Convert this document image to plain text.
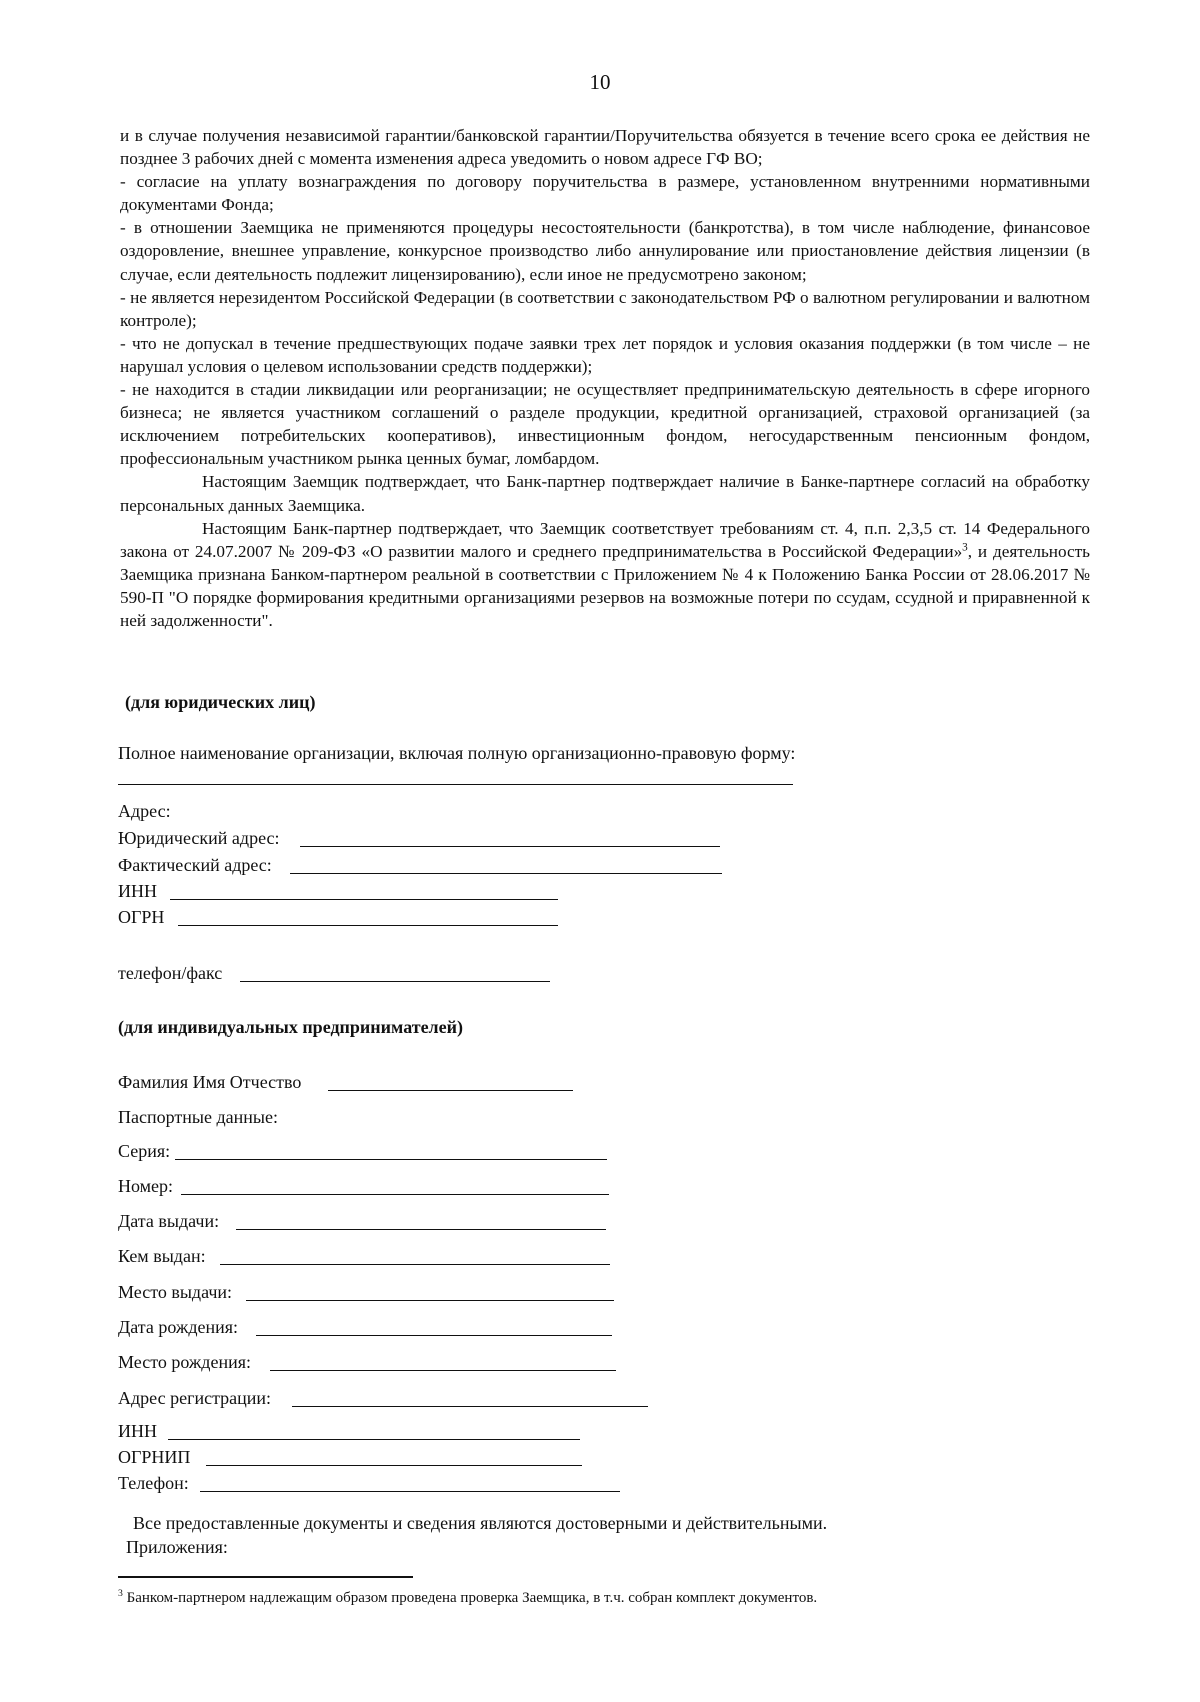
10

и в случае получения независимой гарантии/банковской гарантии/Поручительства обязуется в течение всего срока ее действия не позднее 3 рабочих дней с момента изменения адреса уведомить о новом адресе ГФ ВО;

- согласие на уплату вознаграждения по договору поручительства в размере, установленном внутренними нормативными документами Фонда;

- в отношении Заемщика не применяются процедуры несостоятельности (банкротства), в том числе наблюдение, финансовое оздоровление, внешнее управление, конкурсное производство либо аннулирование или приостановление действия лицензии (в случае, если деятельность подлежит лицензированию), если иное не предусмотрено законом;

- не является нерезидентом Российской Федерации (в соответствии с законодательством РФ о валютном регулировании и валютном контроле);

- что не допускал в течение предшествующих подаче заявки трех лет порядок и условия оказания поддержки (в том числе – не нарушал условия о целевом использовании средств поддержки);

- не находится в стадии ликвидации или реорганизации; не осуществляет предпринимательскую деятельность в сфере игорного бизнеса; не является участником соглашений о разделе продукции, кредитной организацией, страховой организацией (за исключением потребительских кооперативов), инвестиционным фондом, негосударственным пенсионным фондом, профессиональным участником рынка ценных бумаг, ломбардом.

Настоящим Заемщик подтверждает, что Банк-партнер подтверждает наличие в Банке-партнере согласий на обработку персональных данных Заемщика.

Настоящим Банк-партнер подтверждает, что Заемщик соответствует требованиям ст. 4, п.п. 2,3,5 ст. 14 Федерального закона от 24.07.2007 № 209-ФЗ «О развитии малого и среднего предпринимательства в Российской Федерации»$^3$, и деятельность Заемщика признана Банком-партнером реальной в соответствии с Приложением № 4 к Положению Банка России от 28.06.2017 № 590-П "О порядке формирования кредитными организациями резервов на возможные потери по ссудам, ссудной и приравненной к ней задолженности".

(для юридических лиц)
Полное наименование организации, включая полную организационно-правовую форму:
Адрес:
Юридический адрес:
Фактический адрес:
ИНН
ОГРН
телефон/факс
(для индивидуальных предпринимателей)
Фамилия Имя Отчество
Паспортные данные:
Серия:
Номер:
Дата выдачи:
Кем выдан:
Место выдачи:
Дата рождения:
Место рождения:
Адрес регистрации:
ИНН
ОГРНИП
Телефон:
Все предоставленные документы и сведения являются достоверными и действительными.
Приложения:
$^3$ Банком-партнером надлежащим образом проведена проверка Заемщика, в т.ч. собран комплект документов.
